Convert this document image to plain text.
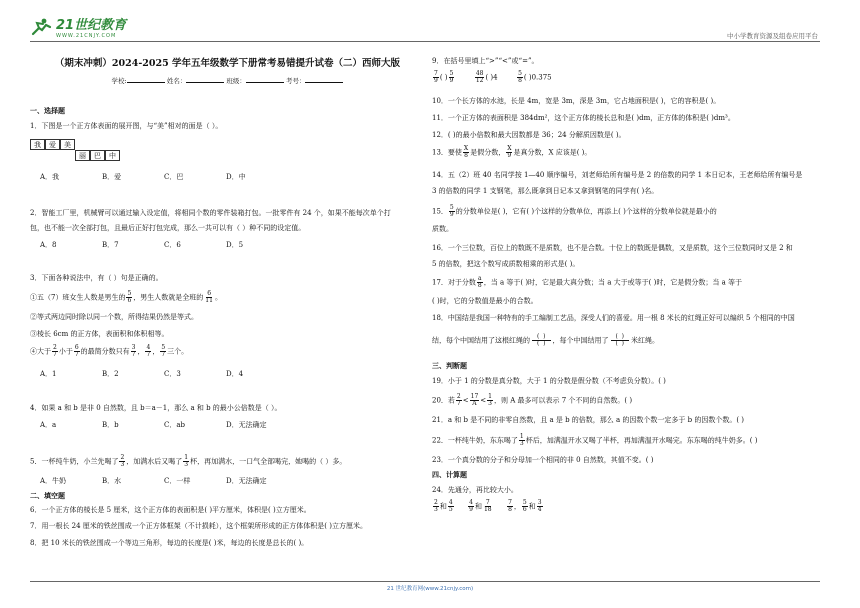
21世纪教育
WWW.21CNJY.COM	中小学教育资源及组卷应用平台
（期末冲刺）2024-2025 学年五年级数学下册常考易错提升试卷（二）西师大版
学校:	姓名：	班级：	考号：
一、选择题
1．下图是一个正方体表面的展开图，与“美”相对的面是（ ）。
我	爱	美
丽	巴	中
A．我	B．爱	C．巴	D．中
2．智能工厂里，机械臂可以通过输入设定值，将相同个数的零件装箱打包。一批零件有 24 个，如果不能每次单个打
包，也不能一次全部打包，且最后正好打包完成，那么一共可以有（ ）种不同的设定值。
A．8	B．7	C．6	D．5
3．下面各种说法中，有（ ）句是正确的。
①五（7）班女生人数是男生的 $\frac{5}{6}$ ，男生人数就是全班的 $\frac{6}{11}$ 。
②等式两边同时除以同一个数，所得结果仍然是等式。
③棱长 6cm 的正方体，表面积和体积相等。
④大于 $\frac{2}{7}$ 小于 $\frac{6}{7}$ 的最简分数只有 $\frac{3}{7}$ ， $\frac{4}{7}$ ， $\frac{5}{7}$ 三个。
A．1	B．2	C．3	D．4
4．如果 a 和 b 是非 0 自然数，且 b＝a－1，那么 a 和 b 的最小公倍数是（ ）。
A．a	B．b	C．ab	D．无法确定
5．一杯纯牛奶，小兰先喝了 $\frac{2}{3}$ ，加满水后又喝了 $\frac{1}{3}$ 杯，再加满水，一口气全部喝完，她喝的（ ）多。
A．牛奶	B．水	C．一样	D．无法确定
二、填空题
6．一个正方体的棱长是 5 厘米，这个正方体的表面积是( )平方厘米，体积是( )立方厘米。
7．用一根长 24 厘米的铁丝围成一个正方体框架（不计损耗），这个框架所形成的正方体体积是( )立方厘米。
8．把 10 米长的铁丝围成一个等边三角形，每边的长度是( )米，每边的长度是总长的( )。
9．在括号里填上“>”“<”或“=”。
$\frac{7}{9}$ ( ) $\frac{5}{9}$
	$\frac{48}{12}$ ( )4	$\frac{5}{8}$ ( )0.375
10．一个长方体的水池，长是 4m，宽是 3m，深是 3m，它占地面积是( )，它的容积是( )。
11．一个正方体的表面积是 384dm²，这个正方体的棱长总和是( )dm，正方体的体积是( )dm³。
12．( )的最小倍数和最大因数都是 36；24 分解质因数是( )。
13．要使 $\frac{X}{8}$ 是假分数， $\frac{X}{9}$ 是真分数，X 应该是( )。
14．五（2）班 40 名同学按 1—40 顺序编号，刘老师给所有编号是 2 的倍数的同学 1 本日记本，王老师给所有编号是
3 的倍数的同学 1 支钢笔，那么既拿到日记本又拿到钢笔的同学有( )名。
15． $\frac{5}{9}$ 的分数单位是( )，它有( )个这样的分数单位，再添上( )个这样的分数单位就是最小的
质数。
16．一个三位数，百位上的数既不是质数，也不是合数。十位上的数既是偶数，又是质数，这个三位数同时又是 2 和
5 的倍数，把这个数写成质数相乘的形式是( )。
17．对于分数 $\frac{a}{8}$ ，当 a 等于( )时，它是最大真分数；当 a 大于或等于( )时，它是假分数；当 a 等于
( )时，它的分数值是最小的合数。
18．中国结是我国一种特有的手工编制工艺品，深受人们的喜爱。用一根 8 米长的红绳正好可以编织 5 个相同的中国
结，每个中国结用了这根红绳的	(  )
(  ) ，每个中国结用了	(  )
(  ) 米红绳。
三、判断题
19．小于 1 的分数是真分数，大于 1 的分数是假分数（不考虑负分数）。( )
20．若 $\frac{2}{7} < \frac{17}{A} < \frac{1}{3}$ ，则 A 最多可以表示 7 个不同的自然数。( )
21．a 和 b 是不同的非零自然数，且 a 是 b 的倍数，那么 a 的因数个数一定多于 b 的因数个数。( )
22．一杯纯牛奶，东东喝了 $\frac{1}{3}$ 杯后，加满温开水又喝了半杯，再加满温开水喝完。东东喝的纯牛奶多。( )
23．一个真分数的分子和分母加一个相同的非 0 自然数，其值不变。( )
四、计算题
24．先通分，再比较大小。
$\frac{2}{3}$ 和 $\frac{4}{5}$
$\frac{4}{9}$ 和 $\frac{7}{18}$
$\frac{7}{8}$ ， $\frac{5}{6}$ 和 $\frac{3}{4}$
21 世纪教育网(www.21cnjy.com)
